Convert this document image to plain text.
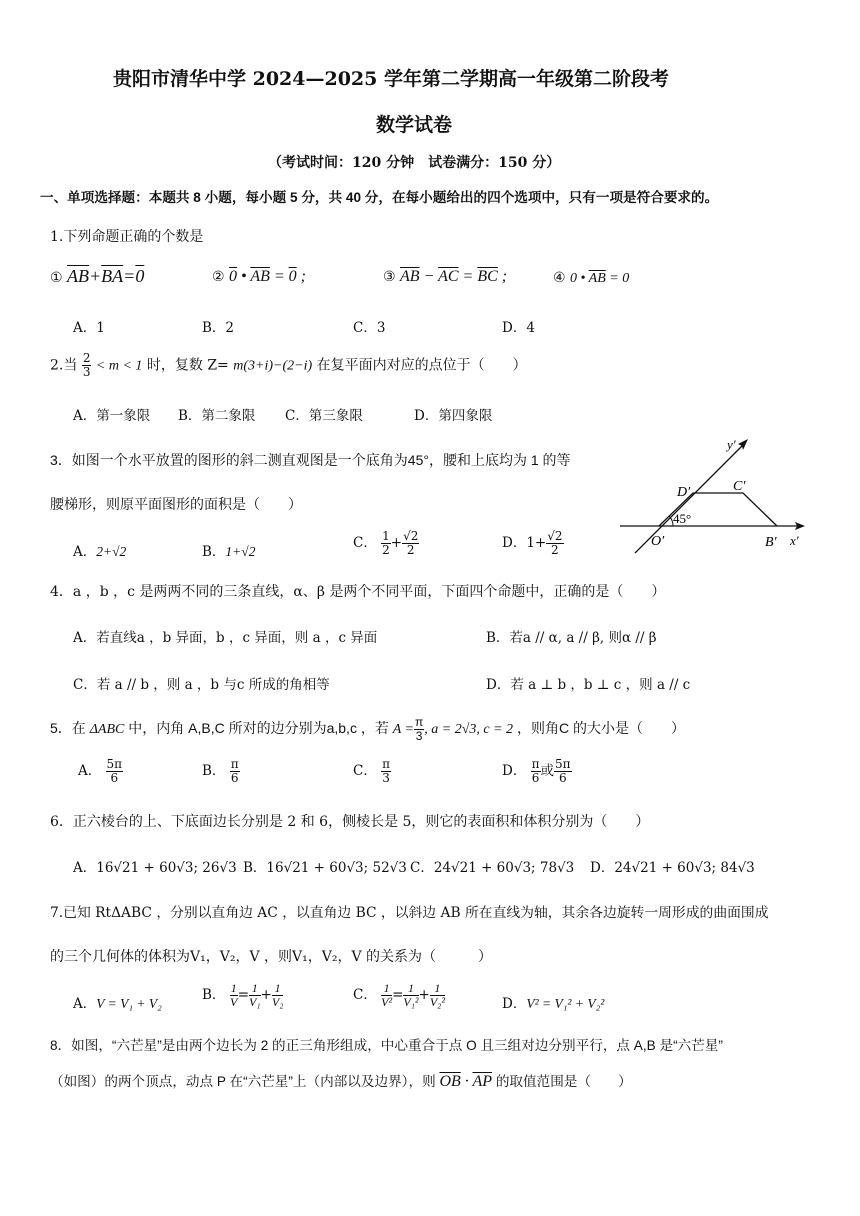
贵阳市清华中学 2024—2025 学年第二学期高一年级第二阶段考
数学试卷
（考试时间：120 分钟　试卷满分：150 分）
一、单项选择题：本题共 8 小题，每小题 5 分，共 40 分，在每小题给出的四个选项中，只有一项是符合要求的。
1.下列命题正确的个数是
① $\overline{AB}+\overline{BA}=0$	② 0 • $\overline{AB} = 0$ ;	③ $\overline{AB} - \overline{AC} = \overline{BC}$ ;	④ 0 • $\overline{AB} = 0$
A．1	B．2	C．3	D．4
2.当 $\frac{2}{3} < m < 1$ 时，复数 Z= m(3+i)−(2−i) 在复平面内对应的点位于（　　）
A．第一象限 B．第二象限 C．第三象限	D．第四象限
3．如图一个水平放置的图形的斜二测直观图是一个底角为45°，腰和上底均为 1 的等
腰梯形，则原平面图形的面积是（　　）
A．2+√2	B．1+√2
C． $\frac{1}{2} + \frac{√2}{2}$	D．$1+ \frac{√2}{2}$
y′
D′	C′
45°
O′	B′ x′
4．a ，b ，c 是两两不同的三条直线，α、β 是两个不同平面，下面四个命题中，正确的是（　　）
A．若直线a ，b 异面，b ，c 异面，则 a ，c 异面	B．若a // α, a // β, 则α // β
C．若 a // b ，则 a ，b 与c 所成的角相等	D．若 a ⊥ b ，b ⊥ c ，则 a // c
5．在 ΔABC 中，内角 A,B,C 所对的边分别为a,b,c ，若 $A = \frac{\pi}{3}$ , a = 2√3, c = 2 ，则角C 的大小是（　　）
A． $\frac{5\pi}{6}$	B． $\frac{\pi}{6}$	C． $\frac{\pi}{3}$	D． $\frac{\pi}{6}$ 或 $\frac{5\pi}{6}$
6．正六棱台的上、下底面边长分别是 2 和 6，侧棱长是 5，则它的表面积和体积分别为（　　）
A．16√21 + 60√3; 26√3 B．16√21 + 60√3; 52√3 C．24√21 + 60√3; 78√3 D．24√21 + 60√3; 84√3
7.已知 RtΔABC ，分别以直角边 AC ，以直角边 BC ，以斜边 AB 所在直线为轴，其余各边旋转一周形成的曲面围成
的三个几何体的体积为V₁，V₂，V ，则V₁，V₂，V 的关系为（　　　）
A．V = V₁ + V₂
B． $\frac{1}{V} = \frac{1}{\text{V₁}} + \frac{1}{\text{V₂}}$	C． $\frac{1}{\text{V²}} = \frac{1}{\text{V₁²}} + \frac{1}{\text{V₂²}}$	D．V² = V₁² + V₂²
8．如图，“六芒星”是由两个边长为 2 的正三角形组成，中心重合于点 O 且三组对边分别平行，点 A,B 是“六芒星”
（如图）的两个顶点，动点 P 在“六芒星”上（内部以及边界），则 $\overline{OB} \cdot \overline{AP}$ 的取值范围是（　　）
